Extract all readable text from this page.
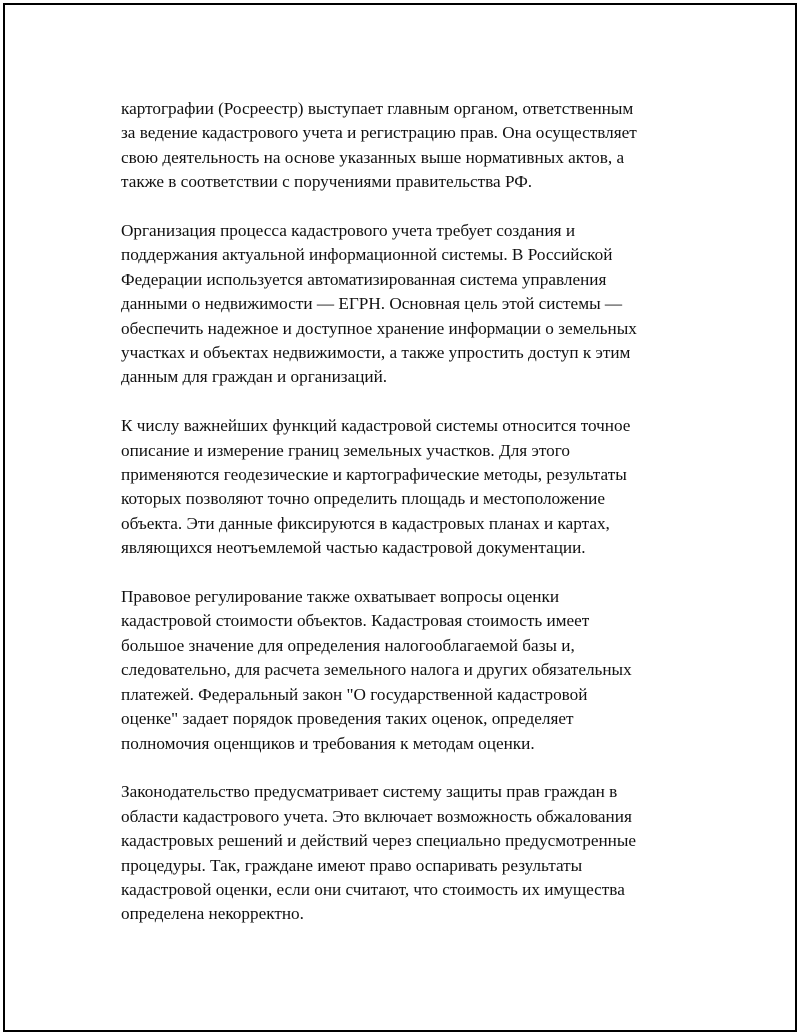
картографии (Росреестр) выступает главным органом, ответственным
за ведение кадастрового учета и регистрацию прав. Она осуществляет
свою деятельность на основе указанных выше нормативных актов, а
также в соответствии с поручениями правительства РФ.

Организация процесса кадастрового учета требует создания и
поддержания актуальной информационной системы. В Российской
Федерации используется автоматизированная система управления
данными о недвижимости — ЕГРН. Основная цель этой системы —
обеспечить надежное и доступное хранение информации о земельных
участках и объектах недвижимости, а также упростить доступ к этим
данным для граждан и организаций.

К числу важнейших функций кадастровой системы относится точное
описание и измерение границ земельных участков. Для этого
применяются геодезические и картографические методы, результаты
которых позволяют точно определить площадь и местоположение
объекта. Эти данные фиксируются в кадастровых планах и картах,
являющихся неотъемлемой частью кадастровой документации.

Правовое регулирование также охватывает вопросы оценки
кадастровой стоимости объектов. Кадастровая стоимость имеет
большое значение для определения налогооблагаемой базы и,
следовательно, для расчета земельного налога и других обязательных
платежей. Федеральный закон "О государственной кадастровой
оценке" задает порядок проведения таких оценок, определяет
полномочия оценщиков и требования к методам оценки.

Законодательство предусматривает систему защиты прав граждан в
области кадастрового учета. Это включает возможность обжалования
кадастровых решений и действий через специально предусмотренные
процедуры. Так, граждане имеют право оспаривать результаты
кадастровой оценки, если они считают, что стоимость их имущества
определена некорректно.
